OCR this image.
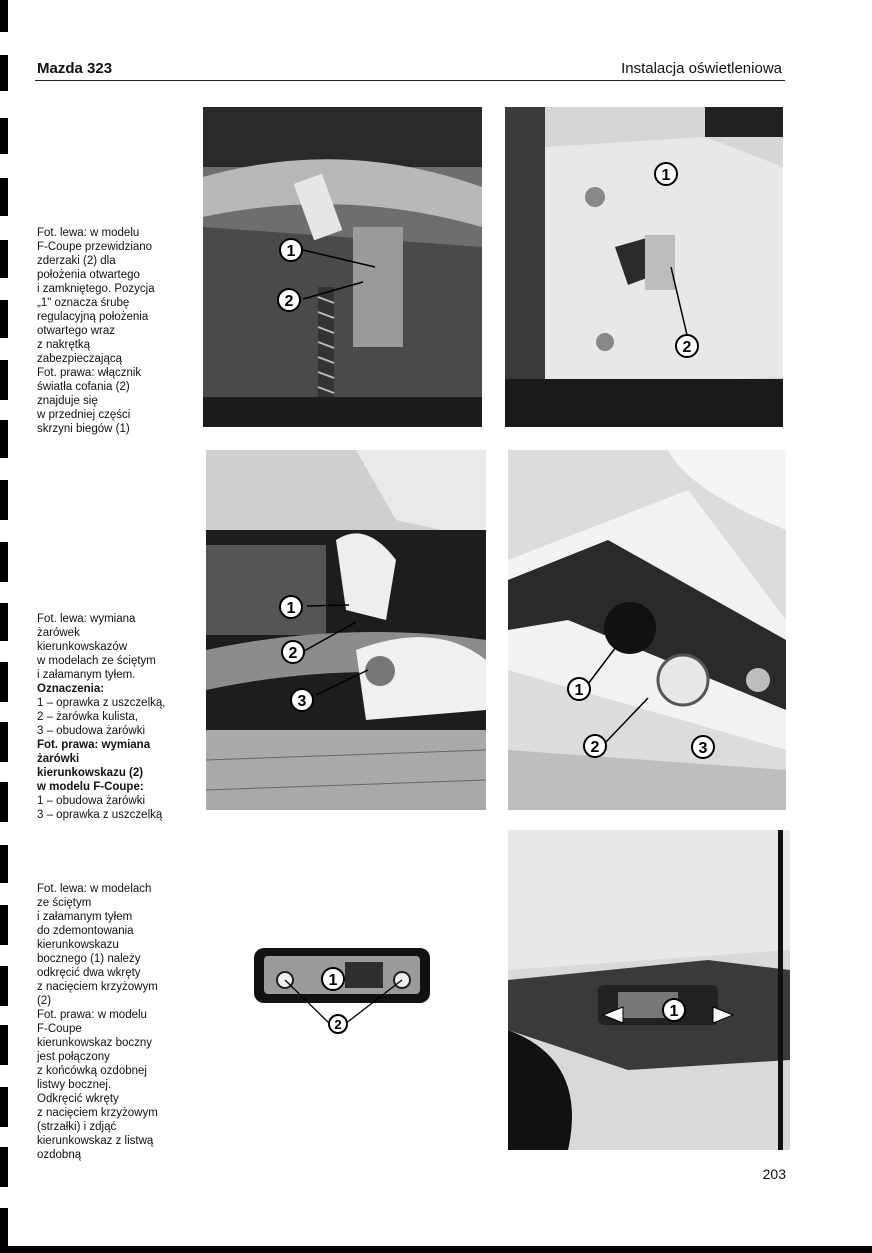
Mazda 323	Instalacja oświetleniowa
Fot. lewa: w modelu
F-Coupe przewidziano
zderzaki (2) dla
położenia otwartego
i zamkniętego. Pozycja
„1" oznacza śrubę
regulacyjną położenia
otwartego wraz
z nakrętką
zabezpieczającą
Fot. prawa: włącznik
światła cofania (2)
znajduje się
w przedniej części
skrzyni biegów (1)
Fot. lewa: wymiana
żarówek
kierunkowskazów
w modelach ze ściętym
i załamanym tyłem.
Oznaczenia:
1 – oprawka z uszczelką,
2 – żarówka kulista,
3 – obudowa żarówki
Fot. prawa: wymiana
żarówki
kierunkowskazu (2)
w modelu F-Coupe:
1 – obudowa żarówki
3 – oprawka z uszczelką
Fot. lewa: w modelach
ze ściętym
i załamanym tyłem
do zdemontowania
kierunkowskazu
bocznego (1) należy
odkręcić dwa wkręty
z nacięciem krzyżowym
(2)
Fot. prawa: w modelu
F-Coupe
kierunkowskaz boczny
jest połączony
z końcówką ozdobnej
listwy bocznej.
Odkręcić wkręty
z nacięciem krzyżowym
(strzałki) i zdjąć
kierunkowskaz z listwą
ozdobną
1
2
1
2
1
2
3
1
2	3
1
2
1
203
